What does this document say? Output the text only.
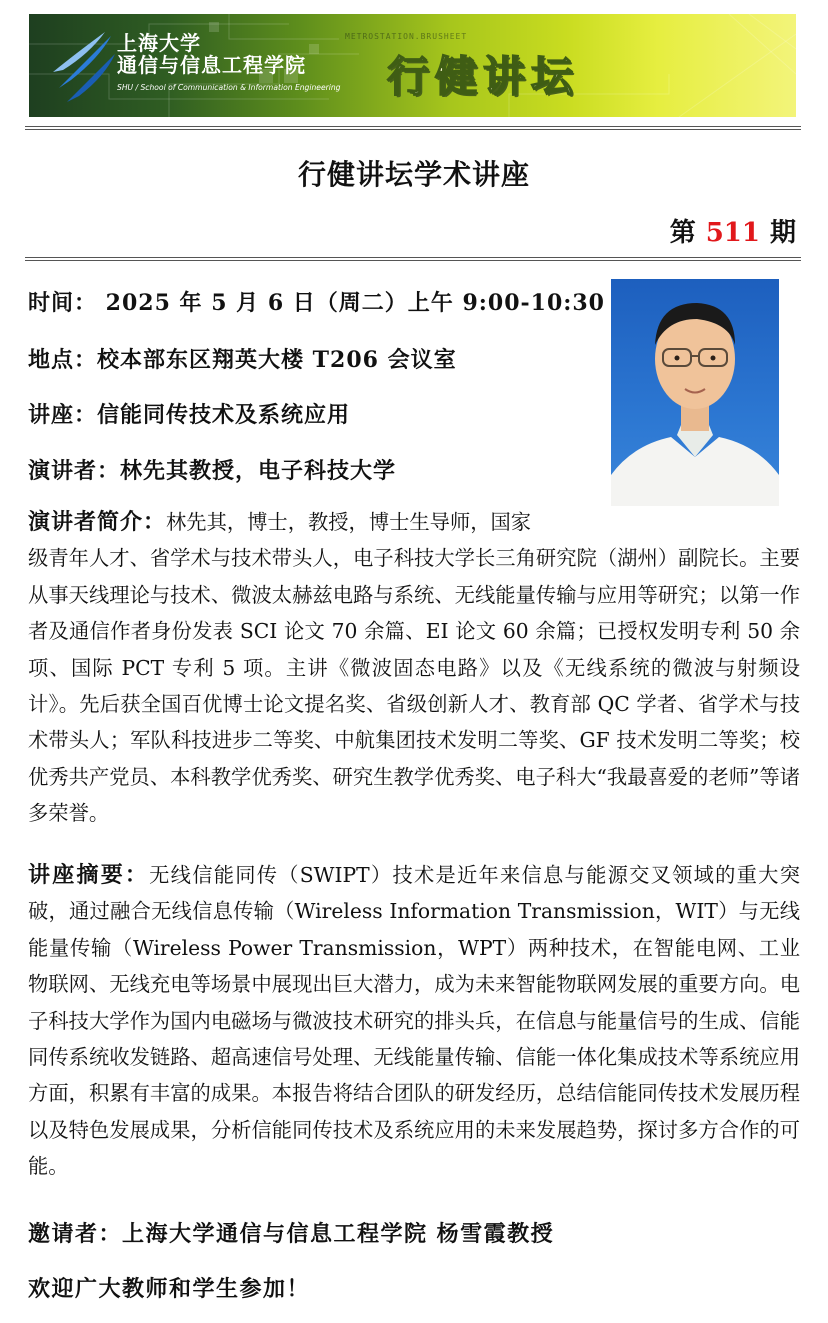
上海大学
通信与信息工程学院
SHU / School of Communication & Information Engineering
METROSTATION.BRUSHEET
行健讲坛
行健讲坛学术讲座
第 511 期
时间： 2025 年 5 月 6 日（周二）上午 9:00-10:30
地点：校本部东区翔英大楼 T206 会议室
讲座：信能同传技术及系统应用
演讲者：林先其教授，电子科技大学
演讲者简介：林先其，博士，教授，博士生导师，国家
级青年人才、省学术与技术带头人，电子科技大学长三角研究院（湖州）副院长。主要从事天线理论与技术、微波太赫兹电路与系统、无线能量传输与应用等研究；以第一作者及通信作者身份发表 SCI 论文 70 余篇、EI 论文 60 余篇；已授权发明专利 50 余项、国际 PCT 专利 5 项。主讲《微波固态电路》以及《无线系统的微波与射频设计》。先后获全国百优博士论文提名奖、省级创新人才、教育部 QC 学者、省学术与技术带头人；军队科技进步二等奖、中航集团技术发明二等奖、GF 技术发明二等奖；校优秀共产党员、本科教学优秀奖、研究生教学优秀奖、电子科大“我最喜爱的老师”等诸多荣誉。
讲座摘要：无线信能同传（SWIPT）技术是近年来信息与能源交叉领域的重大突破，通过融合无线信息传输（Wireless Information Transmission，WIT）与无线能量传输（Wireless Power Transmission，WPT）两种技术，在智能电网、工业物联网、无线充电等场景中展现出巨大潜力，成为未来智能物联网发展的重要方向。电子科技大学作为国内电磁场与微波技术研究的排头兵，在信息与能量信号的生成、信能同传系统收发链路、超高速信号处理、无线能量传输、信能一体化集成技术等系统应用方面，积累有丰富的成果。本报告将结合团队的研发经历，总结信能同传技术发展历程以及特色发展成果，分析信能同传技术及系统应用的未来发展趋势，探讨多方合作的可能。
邀请者：上海大学通信与信息工程学院 杨雪霞教授
欢迎广大教师和学生参加！
